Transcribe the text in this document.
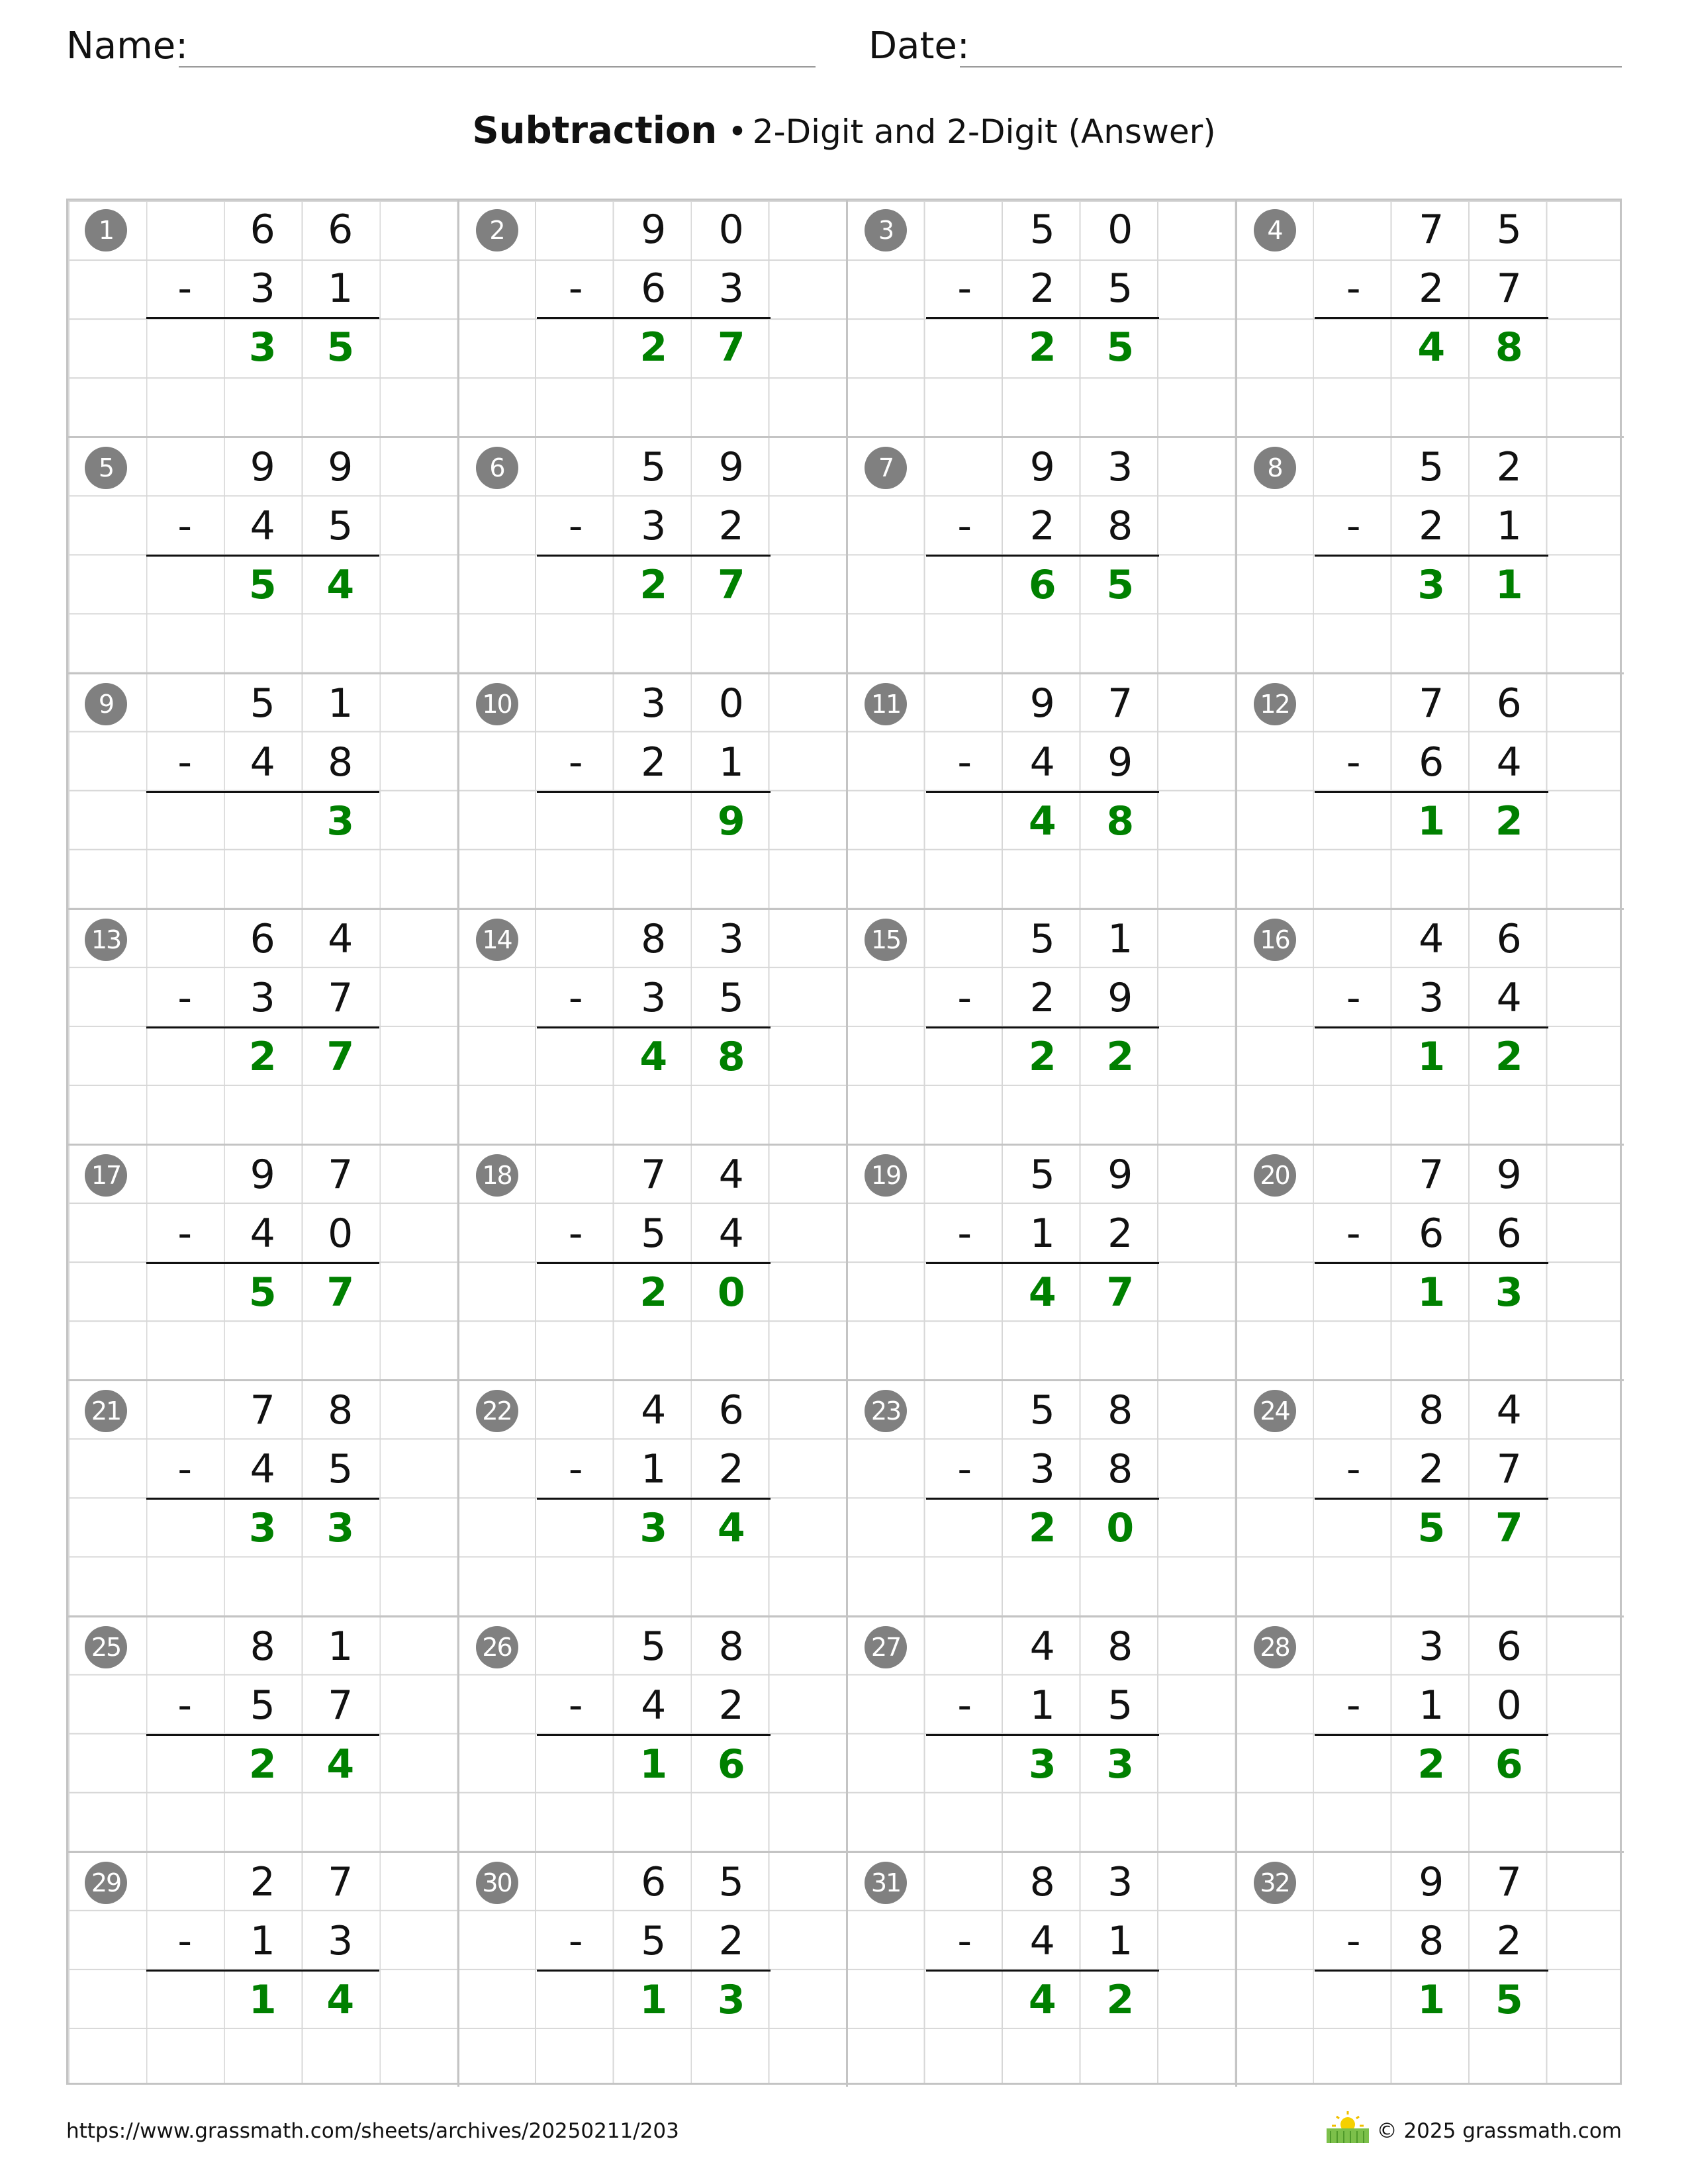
Name:	Date:
Subtraction • 2-Digit and 2-Digit (Answer)
1	6	6
-	3	1
3	5
2	9	0
-	6	3
2	7
3	5	0
-	2	5
2	5
4	7	5
-	2	7
4	8
5	9	9
-	4	5
5	4
6	5	9
-	3	2
2	7
7	9	3
-	2	8
6	5
8	5	2
-	2	1
3	1
9	5	1
-	4	8
3
10	3	0
-	2	1
9
11	9	7
-	4	9
4	8
12	7	6
-	6	4
1	2
13	6	4
-	3	7
2	7
14	8	3
-	3	5
4	8
15	5	1
-	2	9
2	2
16	4	6
-	3	4
1	2
17	9	7
-	4	0
5	7
18	7	4
-	5	4
2	0
19	5	9
-	1	2
4	7
20	7	9
-	6	6
1	3
21	7	8
-	4	5
3	3
22	4	6
-	1	2
3	4
23	5	8
-	3	8
2	0
24	8	4
-	2	7
5	7
25	8	1
-	5	7
2	4
26	5	8
-	4	2
1	6
27	4	8
-	1	5
3	3
28	3	6
-	1	0
2	6
29	2	7
-	1	3
1	4
30	6	5
-	5	2
1	3
31	8	3
-	4	1
4	2
32	9	7
-	8	2
1	5
https://www.grassmath.com/sheets/archives/20250211/203	© 2025 grassmath.com
